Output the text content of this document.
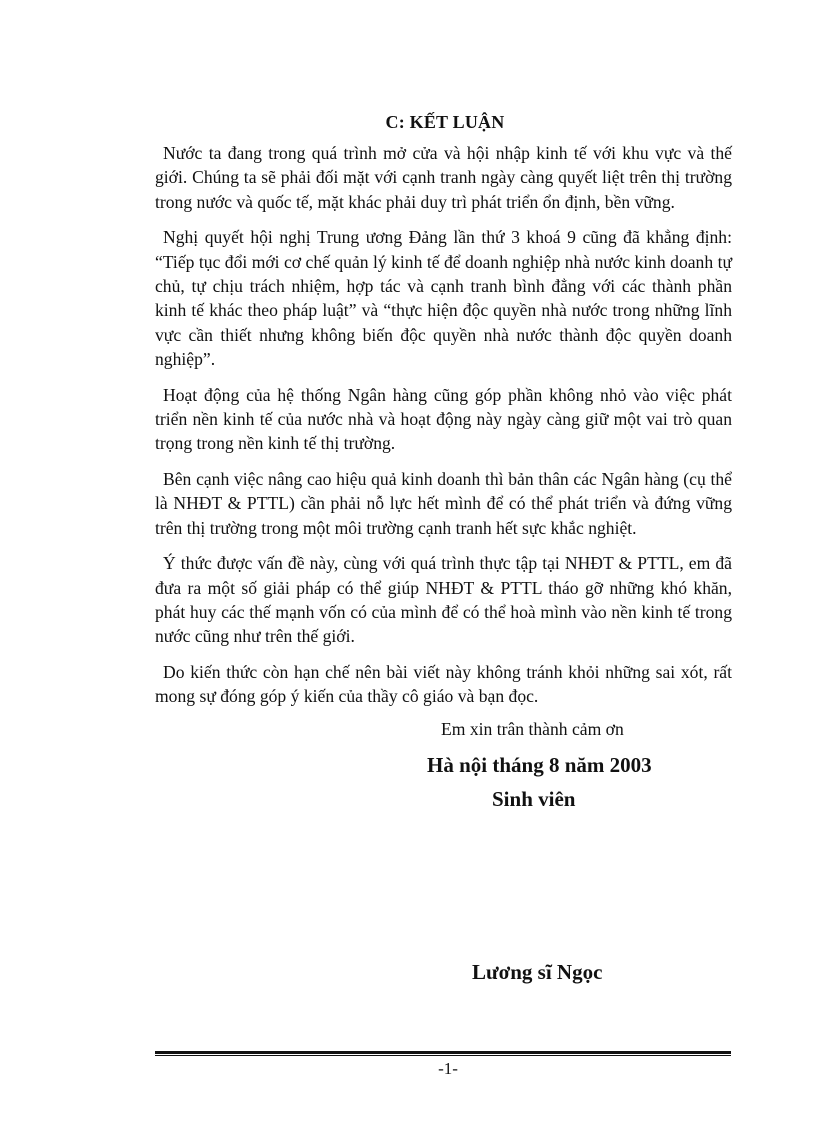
C: KẾT LUẬN

Nước ta đang trong quá trình mở cửa và hội nhập kinh tế với khu vực và thế giới. Chúng ta sẽ phải đối mặt với cạnh tranh ngày càng quyết liệt trên thị trường trong nước và quốc tế, mặt khác phải duy trì phát triển ổn định, bền vững.

Nghị quyết hội nghị Trung ương Đảng lần thứ 3 khoá 9 cũng đã khẳng định: “Tiếp tục đổi mới cơ chế quản lý kinh tế để doanh nghiệp nhà nước kinh doanh tự chủ, tự chịu trách nhiệm, hợp tác và cạnh tranh bình đẳng với các thành phần kinh tế khác theo pháp luật” và “thực hiện độc quyền nhà nước trong những lĩnh vực cần thiết nhưng không biến độc quyền nhà nước thành độc quyền doanh nghiệp”.

Hoạt động của hệ thống Ngân hàng cũng góp phần không nhỏ vào việc phát triển nền kinh tế của nước nhà và hoạt động này ngày càng giữ một vai trò quan trọng trong nền kinh tế thị trường.

Bên cạnh việc nâng cao hiệu quả kinh doanh thì bản thân các Ngân hàng (cụ thể là NHĐT & PTTL) cần phải nỗ lực hết mình để có thể phát triển và đứng vững trên thị trường trong một môi trường cạnh tranh hết sực khắc nghiệt.

Ý thức được vấn đề này, cùng với quá trình thực tập tại NHĐT & PTTL, em đã đưa ra một số giải pháp có thể giúp NHĐT & PTTL tháo gỡ những khó khăn, phát huy các thế mạnh vốn có của mình để có thể hoà mình vào nền kinh tế trong nước cũng như trên thế giới.

Do kiến thức còn hạn chế nên bài viết này không tránh khỏi những sai xót, rất mong sự đóng góp ý kiến của thầy cô giáo và bạn đọc.

Em xin trân thành cảm ơn
Hà nội tháng 8 năm 2003
Sinh viên
Lương sĩ Ngọc
-1-
